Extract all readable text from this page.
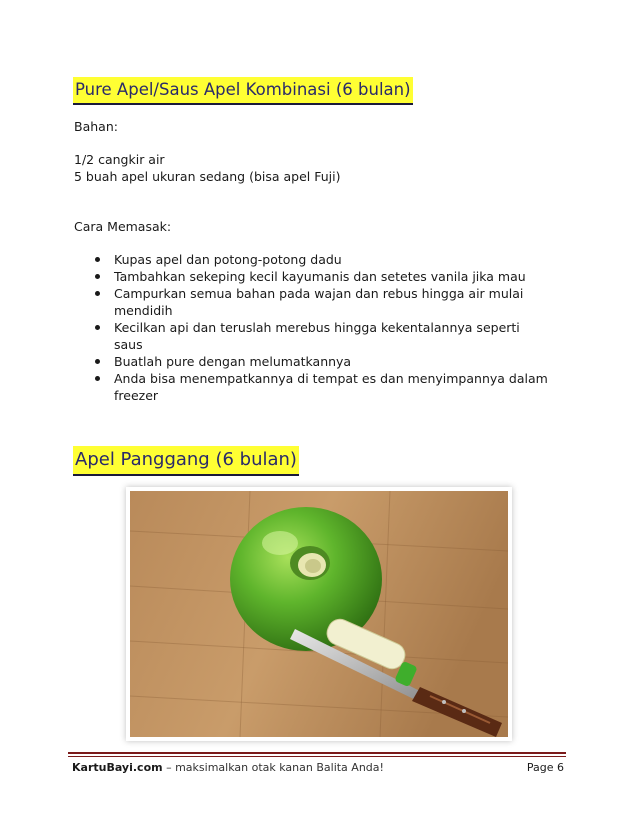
Pure Apel/Saus Apel Kombinasi (6 bulan)
Bahan:
1/2 cangkir air
5 buah apel ukuran sedang (bisa apel Fuji)
Cara Memasak:
Kupas apel dan potong-potong dadu
Tambahkan sekeping kecil kayumanis dan setetes vanila jika mau
Campurkan semua bahan pada wajan dan rebus hingga air mulai
mendidih
Kecilkan api dan teruslah merebus hingga kekentalannya seperti
saus
Buatlah pure dengan melumatkannya
Anda bisa menempatkannya di tempat es dan menyimpannya dalam
freezer
Apel Panggang (6 bulan)
KartuBayi.com – maksimalkan otak kanan Balita Anda!	Page 6
